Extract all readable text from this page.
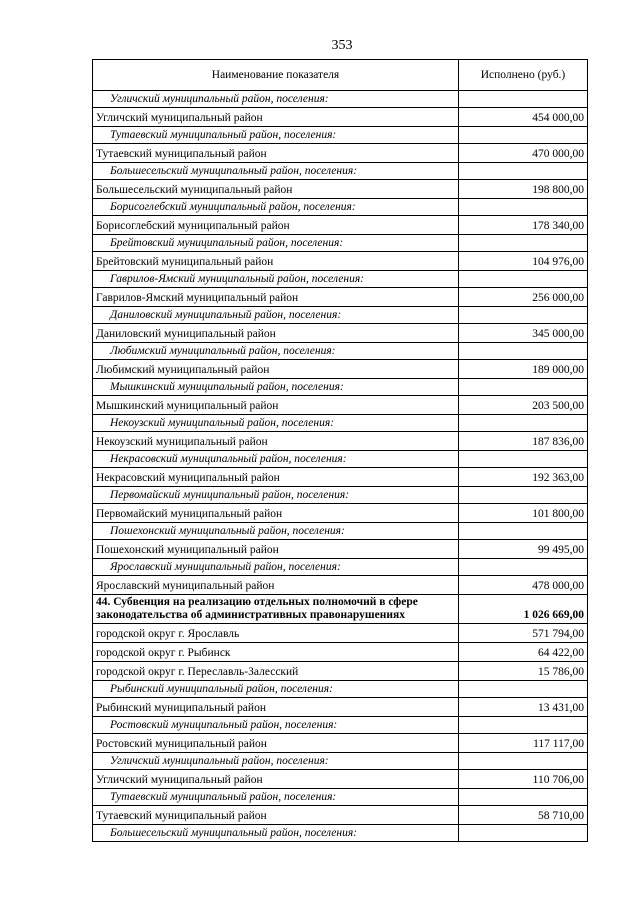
353
Наименование показателя	Исполнено (руб.)
Угличский муниципальный район, поселения:	
Угличский муниципальный район	454 000,00
Тутаевский муниципальный район, поселения:	
Тутаевский муниципальный район	470 000,00
Большесельский муниципальный район, поселения:	
Большесельский муниципальный район	198 800,00
Борисоглебский муниципальный район, поселения:	
Борисоглебский муниципальный район	178 340,00
Брейтовский муниципальный район, поселения:	
Брейтовский муниципальный район	104 976,00
Гаврилов-Ямский муниципальный район, поселения:	
Гаврилов-Ямский муниципальный район	256 000,00
Даниловский муниципальный район, поселения:	
Даниловский муниципальный район	345 000,00
Любимский муниципальный район, поселения:	
Любимский муниципальный район	189 000,00
Мышкинский муниципальный район, поселения:	
Мышкинский муниципальный район	203 500,00
Некоузский муниципальный район, поселения:	
Некоузский муниципальный район	187 836,00
Некрасовский муниципальный район, поселения:	
Некрасовский муниципальный район	192 363,00
Первомайский муниципальный район, поселения:	
Первомайский муниципальный район	101 800,00
Пошехонский муниципальный район, поселения:	
Пошехонский муниципальный район	99 495,00
Ярославский муниципальный район, поселения:	
Ярославский муниципальный район	478 000,00
44. Субвенция на реализацию отдельных полномочий в сфере законодательства об административных правонарушениях	1 026 669,00
городской округ г. Ярославль	571 794,00
городской округ г. Рыбинск	64 422,00
городской округ г. Переславль-Залесский	15 786,00
Рыбинский муниципальный район, поселения:	
Рыбинский муниципальный район	13 431,00
Ростовский муниципальный район, поселения:	
Ростовский муниципальный район	117 117,00
Угличский муниципальный район, поселения:	
Угличский муниципальный район	110 706,00
Тутаевский муниципальный район, поселения:	
Тутаевский муниципальный район	58 710,00
Большесельский муниципальный район, поселения:	
